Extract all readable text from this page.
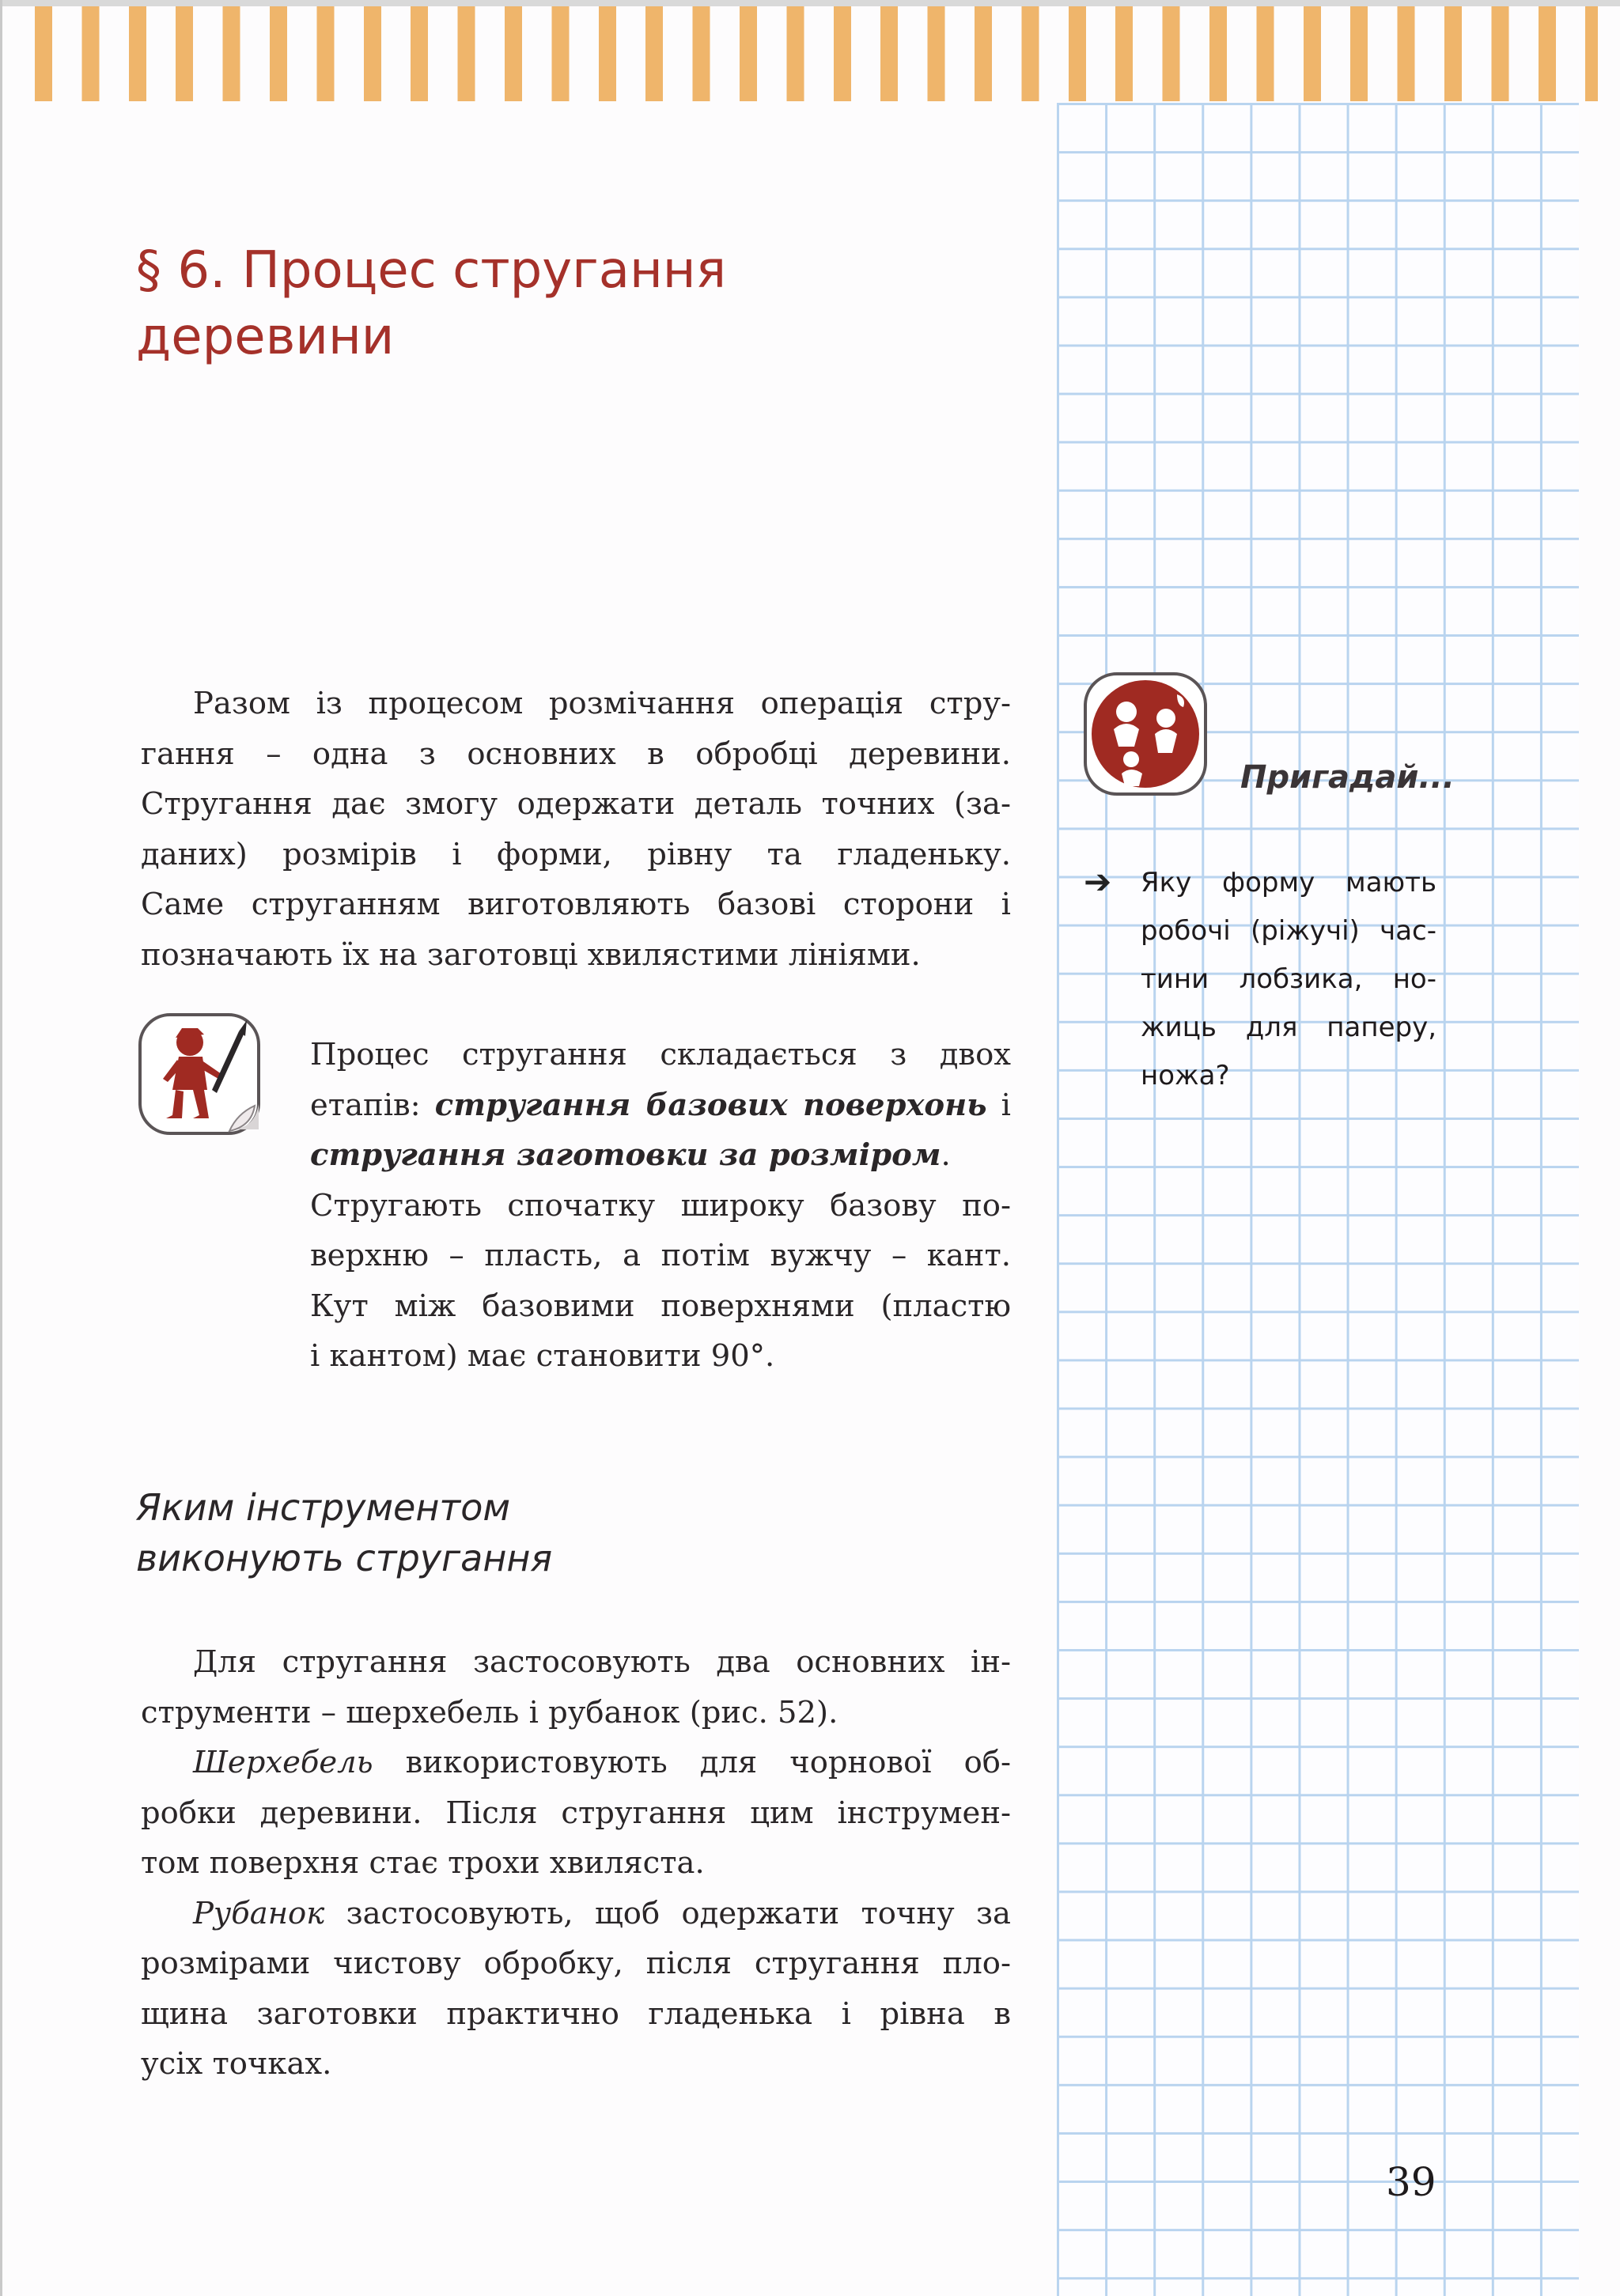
§ 6. Процес стругання
деревини

Разом із процесом розмічання операція стру-
гання – одна з основних в обробці деревини.
Стругання дає змогу одержати деталь точних (за-
даних) розмірів і форми, рівну та гладеньку.
Саме струганням виготовляють базові сторони і
позначають їх на заготовці хвилястими лініями.

Процес стругання складається з двох
етапів: стругання базових поверхонь і
стругання заготовки за розміром.
Стругають спочатку широку базову по-
верхню – пласть, а потім вужчу – кант.
Кут між базовими поверхнями (пластю
і кантом) має становити 90°.

Яким інструментом
виконують стругання

Для стругання застосовують два основних ін-
струменти – шерхебель і рубанок (рис. 52).
Шерхебель використовують для чорнової об-
робки деревини. Після стругання цим інструмен-
том поверхня стає трохи хвиляста.
Рубанок застосовують, щоб одержати точну за
розмірами чистову обробку, після стругання пло-
щина заготовки практично гладенька і рівна в
усіх точках.

Пригадай...
➔ Яку форму мають
робочі (ріжучі) час-
тини лобзика, но-
жиць для паперу,
ножа?

39
